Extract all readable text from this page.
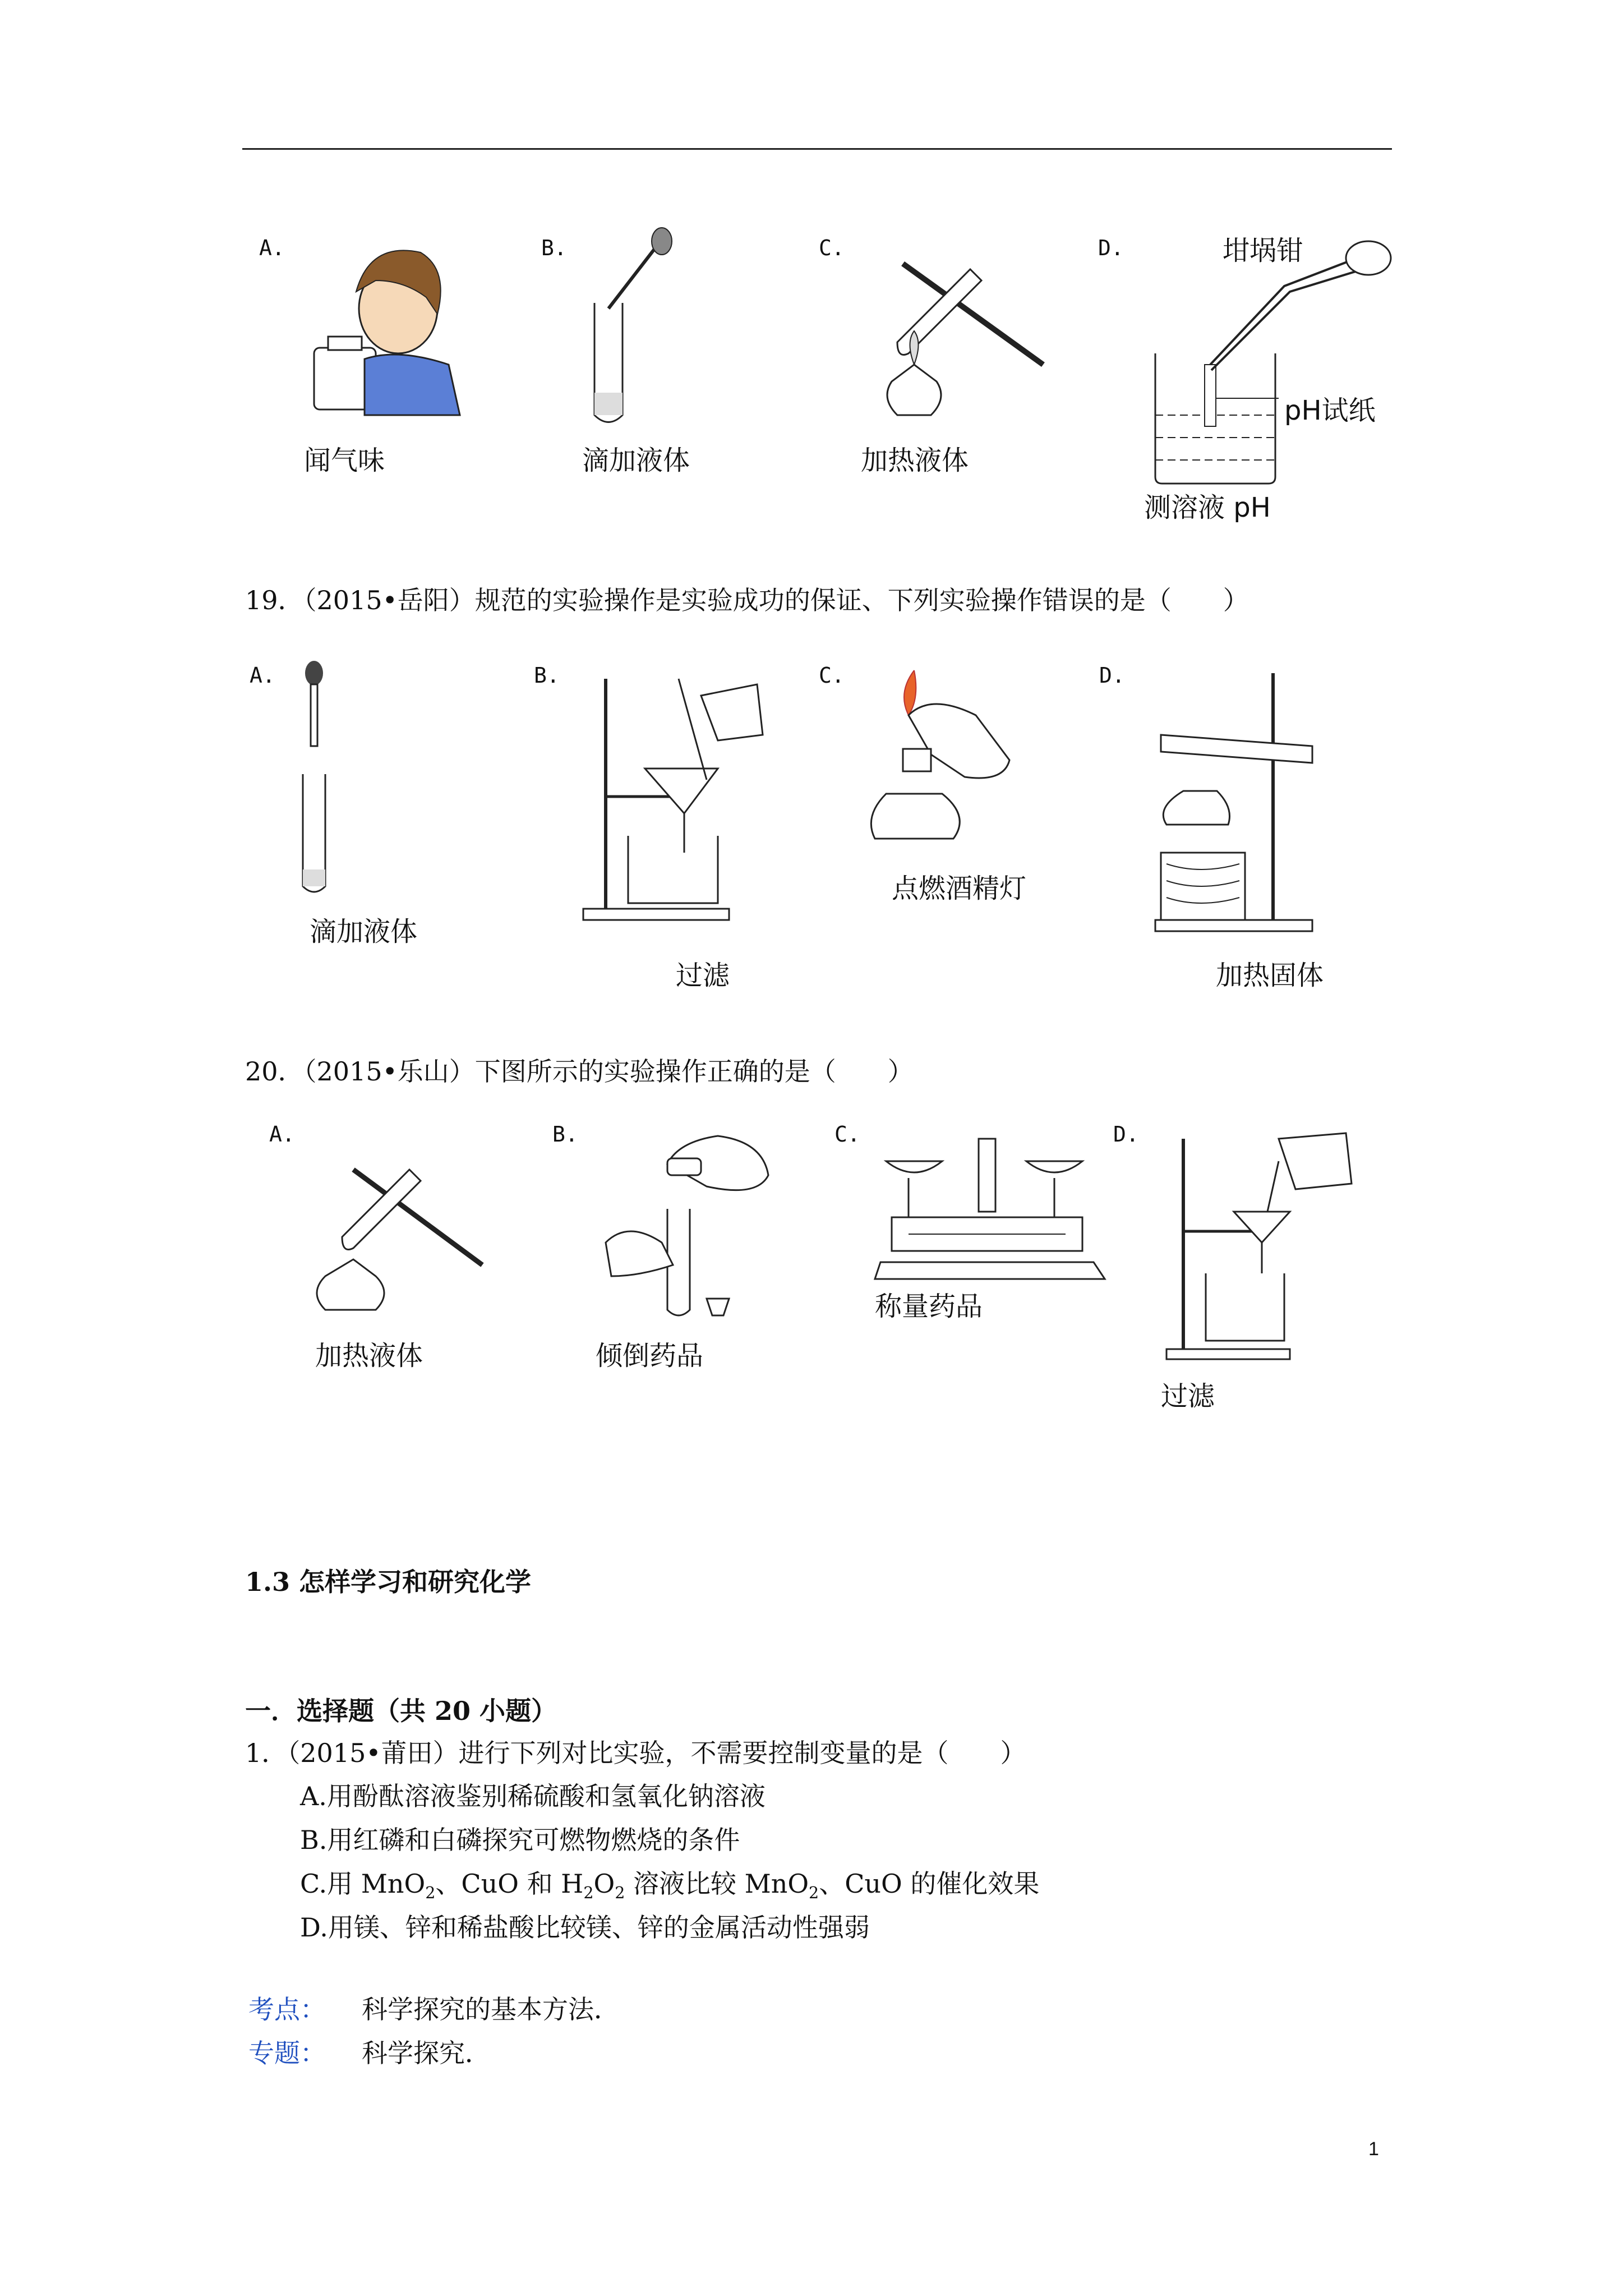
A.
闻气味
B.
滴加液体
C.
加热液体
D.	坩埚钳
pH试纸
测溶液 pH
19．（2015•岳阳）规范的实验操作是实验成功的保证、下列实验操作错误的是（　　）
A.
滴加液体
B.
过滤
C.
点燃酒精灯
D.
加热固体
20．（2015•乐山）下图所示的实验操作正确的是（　　）
A.
加热液体
B.
倾倒药品
C.
称量药品
D.
过滤
1.3 怎样学习和研究化学
一．选择题（共 20 小题）
1．（2015•莆田）进行下列对比实验，不需要控制变量的是（　　）
A.用酚酞溶液鉴别稀硫酸和氢氧化钠溶液
B.用红磷和白磷探究可燃物燃烧的条件
C.用 MnO$_2$、CuO 和 $H_2O_2$ 溶液比较 MnO$_2$、CuO 的催化效果
D.用镁、锌和稀盐酸比较镁、锌的金属活动性强弱
考点： 科学探究的基本方法．
专题： 科学探究．
1
